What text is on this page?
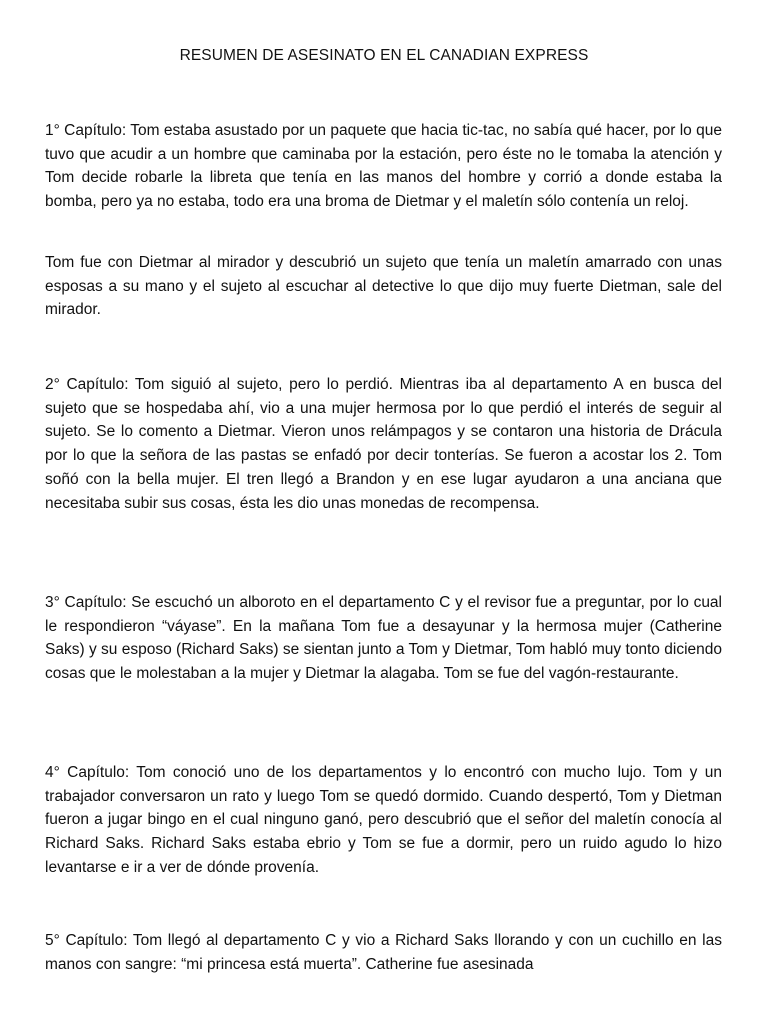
RESUMEN DE ASESINATO EN EL CANADIAN EXPRESS

1° Capítulo: Tom estaba asustado por un paquete que hacia tic-tac, no sabía qué hacer, por lo que tuvo que acudir a un hombre que caminaba por la estación, pero éste no le tomaba la atención y Tom decide robarle la libreta que tenía en las manos del hombre y corrió a donde estaba la bomba, pero ya no estaba, todo era una broma de Dietmar y el maletín sólo contenía un reloj.

Tom fue con Dietmar al mirador y descubrió un sujeto que tenía un maletín amarrado con unas esposas a su mano y el sujeto al escuchar al detective lo que dijo muy fuerte Dietman, sale del mirador.

2° Capítulo: Tom siguió al sujeto, pero lo perdió. Mientras iba al departamento A en busca del sujeto que se hospedaba ahí, vio a una mujer hermosa por lo que perdió el interés de seguir al sujeto. Se lo comento a Dietmar. Vieron unos relámpagos y se contaron una historia de Drácula por lo que la señora de las pastas se enfadó por decir tonterías. Se fueron a acostar los 2. Tom soñó con la bella mujer. El tren llegó a Brandon y en ese lugar ayudaron a una anciana que necesitaba subir sus cosas, ésta les dio unas monedas de recompensa.

3° Capítulo: Se escuchó un alboroto en el departamento C y el revisor fue a preguntar, por lo cual le respondieron “váyase”. En la mañana Tom fue a desayunar y la hermosa mujer (Catherine Saks) y su esposo (Richard Saks) se sientan junto a Tom y Dietmar, Tom habló muy tonto diciendo cosas que le molestaban a la mujer y Dietmar la alagaba. Tom se fue del vagón-restaurante.

4° Capítulo: Tom conoció uno de los departamentos y lo encontró con mucho lujo. Tom y un trabajador conversaron un rato y luego Tom se quedó dormido. Cuando despertó, Tom y Dietman fueron a jugar bingo en el cual ninguno ganó, pero descubrió que el señor del maletín conocía al Richard Saks. Richard Saks estaba ebrio y Tom se fue a dormir, pero un ruido agudo lo hizo levantarse e ir a ver de dónde provenía.

5° Capítulo: Tom llegó al departamento C y vio a Richard Saks llorando y con un cuchillo en las manos con sangre: “mi princesa está muerta”. Catherine fue asesinada
